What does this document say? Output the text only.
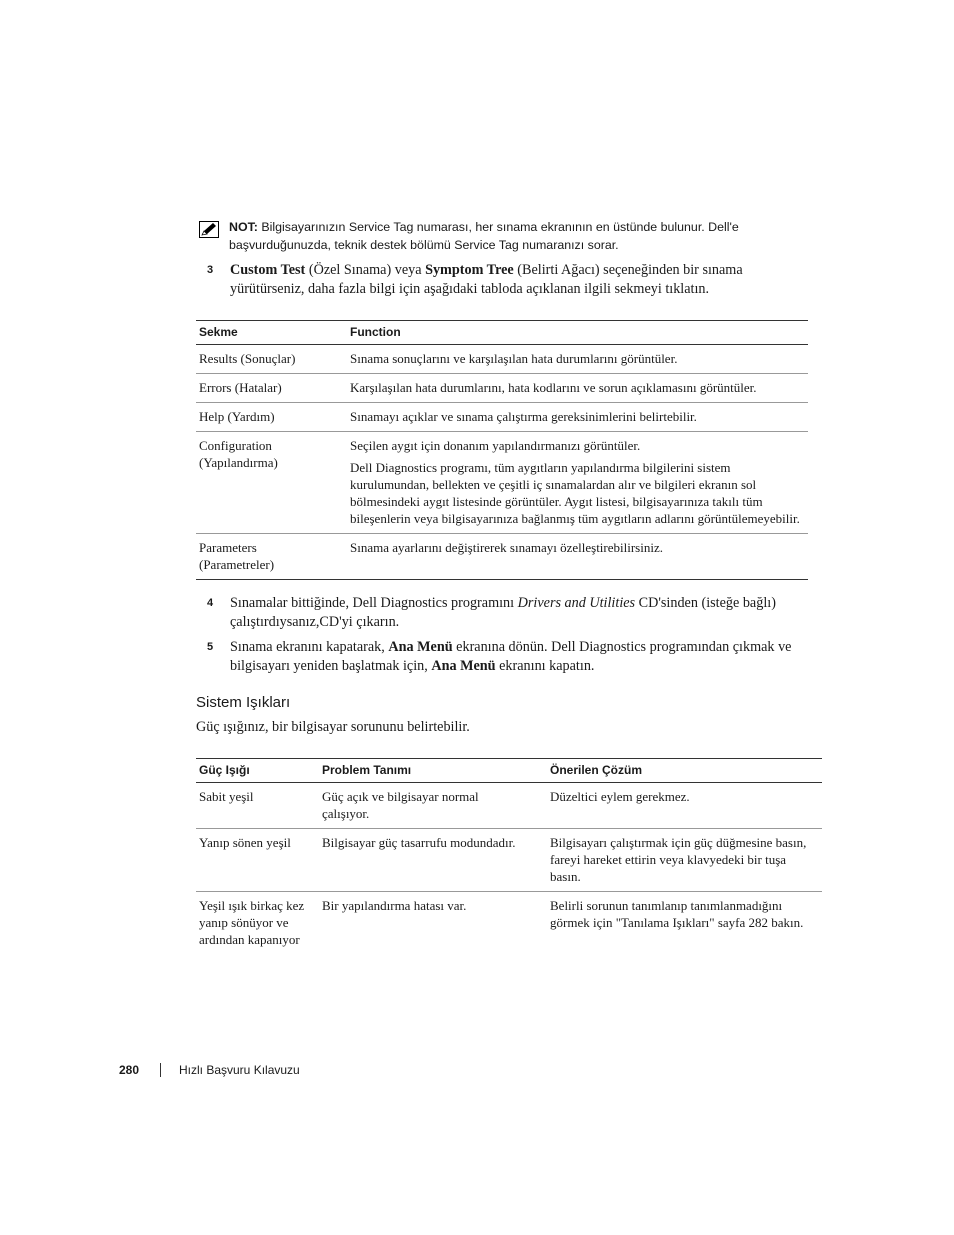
NOT: Bilgisayarınızın Service Tag numarası, her sınama ekranının en üstünde bulunur. Dell'e
başvurduğunuzda, teknik destek bölümü Service Tag numaranızı sorar.
3 Custom Test (Özel Sınama) veya Symptom Tree (Belirti Ağacı) seçeneğinden bir sınama yürütürseniz, daha fazla bilgi için aşağıdaki tabloda açıklanan ilgili sekmeyi tıklatın.
Sekme	Function
Results (Sonuçlar)	Sınama sonuçlarını ve karşılaşılan hata durumlarını görüntüler.

Errors (Hatalar)	Karşılaşılan hata durumlarını, hata kodlarını ve sorun açıklamasını görüntüler.

Help (Yardım)	Sınamayı açıklar ve sınama çalıştırma gereksinimlerini belirtebilir.

Configuration (Yapılandırma)	Seçilen aygıt için donanım yapılandırmanızı görüntüler.

Dell Diagnostics programı, tüm aygıtların yapılandırma bilgilerini sistem kurulumundan, bellekten ve çeşitli iç sınamalardan alır ve bilgileri ekranın sol bölmesindeki aygıt listesinde görüntüler. Aygıt listesi, bilgisayarınıza takılı tüm bileşenlerin veya bilgisayarınıza bağlanmış tüm aygıtların adlarını görüntülemeyebilir.

Parameters (Parametreler)	Sınama ayarlarını değiştirerek sınamayı özelleştirebilirsiniz.

4 Sınamalar bittiğinde, Dell Diagnostics programını Drivers and Utilities CD'sinden (isteğe bağlı) çalıştırdıysanız,CD'yi çıkarın.
5 Sınama ekranını kapatarak, Ana Menü ekranına dönün. Dell Diagnostics programından çıkmak ve bilgisayarı yeniden başlatmak için, Ana Menü ekranını kapatın.
Sistem Işıkları
Güç ışığınız, bir bilgisayar sorununu belirtebilir.
Güç Işığı	Problem Tanımı	Önerilen Çözüm
Sabit yeşil	Güç açık ve bilgisayar normal çalışıyor.	Düzeltici eylem gerekmez.
Yanıp sönen yeşil	Bilgisayar güç tasarrufu modundadır.	Bilgisayarı çalıştırmak için güç düğmesine basın, fareyi hareket ettirin veya klavyedeki bir tuşa basın.
Yeşil ışık birkaç kez yanıp sönüyor ve ardından kapanıyor	Bir yapılandırma hatası var.	Belirli sorunun tanımlanıp tanımlanmadığını görmek için "Tanılama Işıkları" sayfa 282 bakın.
280	Hızlı Başvuru Kılavuzu
